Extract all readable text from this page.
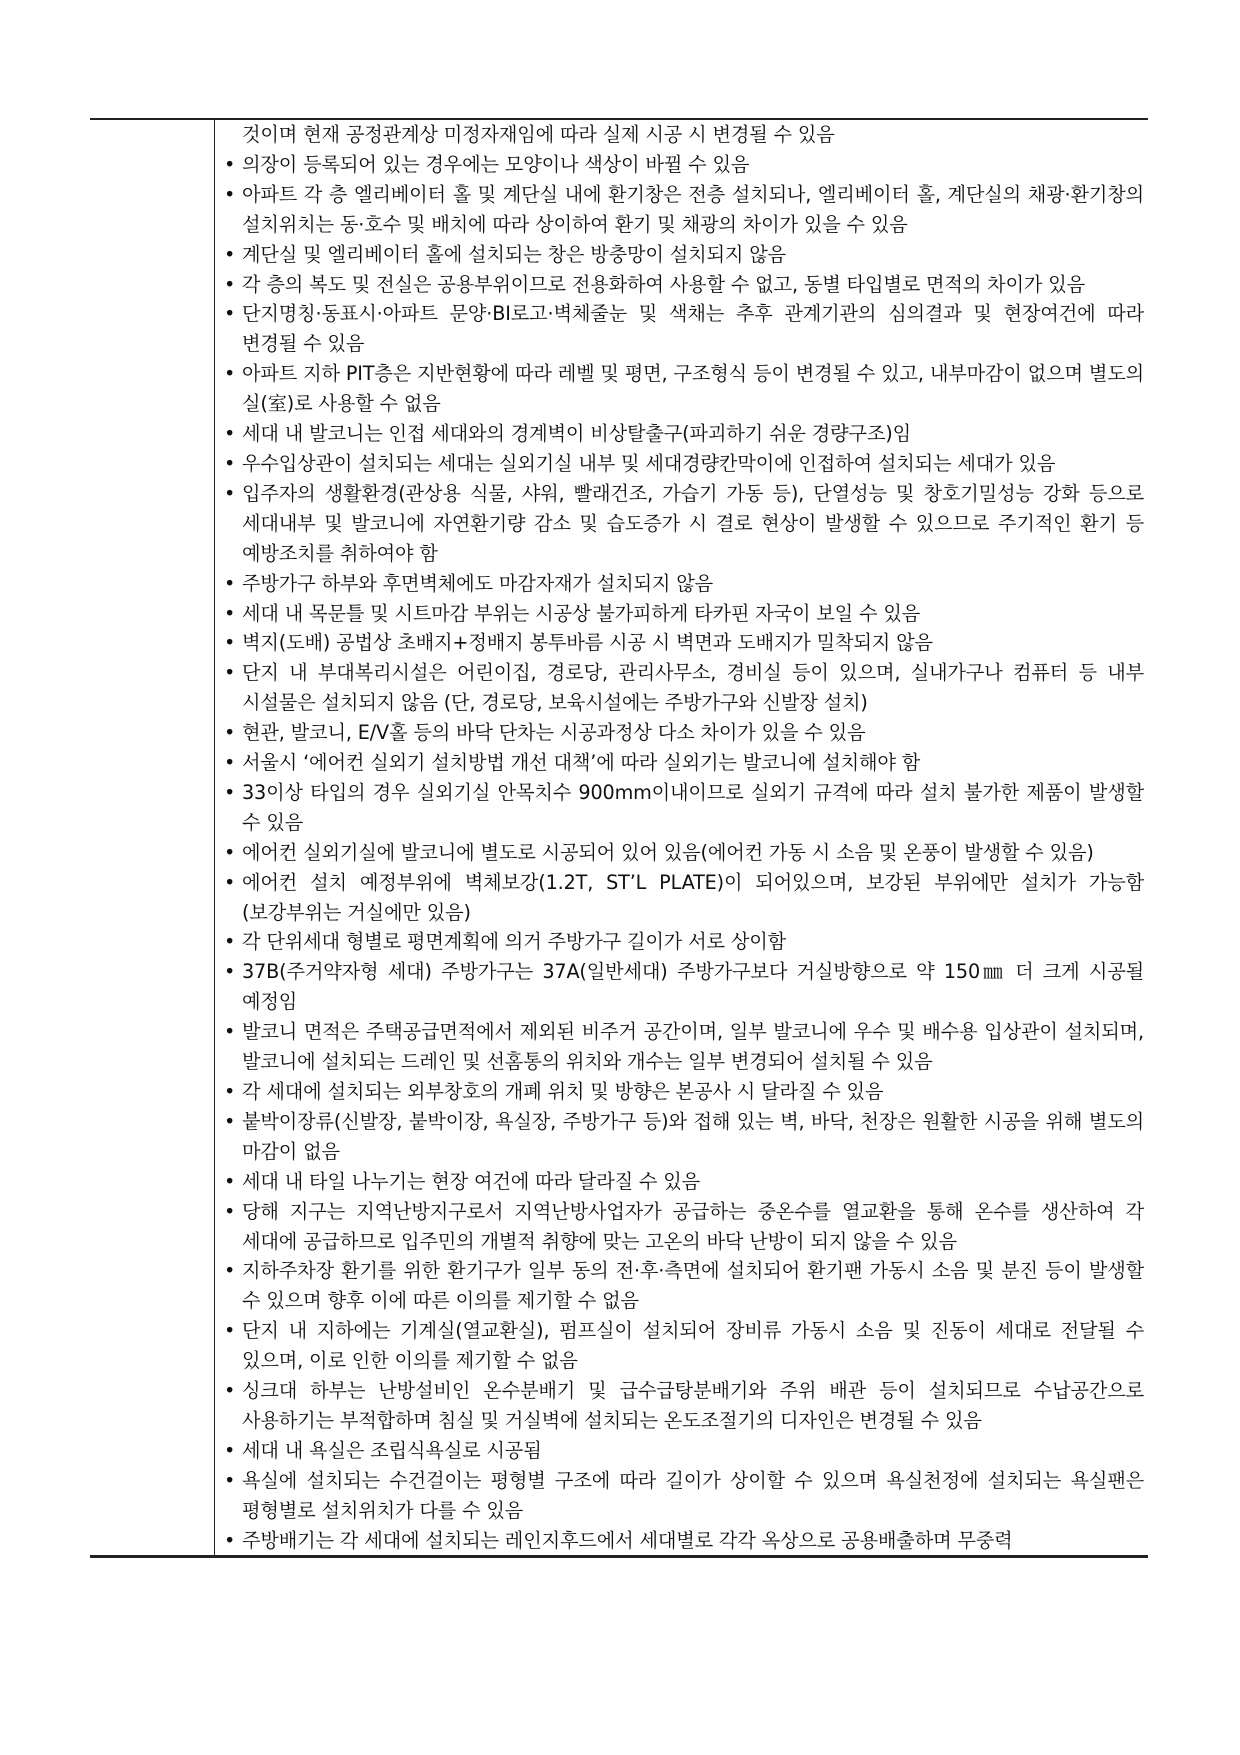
것이며 현재 공정관계상 미정자재임에 따라 실제 시공 시 변경될 수 있음
• 의장이 등록되어 있는 경우에는 모양이나 색상이 바뀔 수 있음
• 아파트 각 층 엘리베이터 홀 및 계단실 내에 환기창은 전층 설치되나, 엘리베이터 홀, 계단실의 채광·환기창의 설치위치는 동·호수 및 배치에 따라 상이하여 환기 및 채광의 차이가 있을 수 있음
• 계단실 및 엘리베이터 홀에 설치되는 창은 방충망이 설치되지 않음
• 각 층의 복도 및 전실은 공용부위이므로 전용화하여 사용할 수 없고, 동별 타입별로 면적의 차이가 있음
• 단지명칭·동표시·아파트 문양·BI로고·벽체줄눈 및 색채는 추후 관계기관의 심의결과 및 현장여건에 따라 변경될 수 있음
• 아파트 지하 PIT층은 지반현황에 따라 레벨 및 평면, 구조형식 등이 변경될 수 있고, 내부마감이 없으며 별도의 실(室)로 사용할 수 없음
• 세대 내 발코니는 인접 세대와의 경계벽이 비상탈출구(파괴하기 쉬운 경량구조)임
• 우수입상관이 설치되는 세대는 실외기실 내부 및 세대경량칸막이에 인접하여 설치되는 세대가 있음
• 입주자의 생활환경(관상용 식물, 샤워, 빨래건조, 가습기 가동 등), 단열성능 및 창호기밀성능 강화 등으로 세대내부 및 발코니에 자연환기량 감소 및 습도증가 시 결로 현상이 발생할 수 있으므로 주기적인 환기 등 예방조치를 취하여야 함
• 주방가구 하부와 후면벽체에도 마감자재가 설치되지 않음
• 세대 내 목문틀 및 시트마감 부위는 시공상 불가피하게 타카핀 자국이 보일 수 있음
• 벽지(도배) 공법상 초배지+정배지 봉투바름 시공 시 벽면과 도배지가 밀착되지 않음
• 단지 내 부대복리시설은 어린이집, 경로당, 관리사무소, 경비실 등이 있으며, 실내가구나 컴퓨터 등 내부 시설물은 설치되지 않음 (단, 경로당, 보육시설에는 주방가구와 신발장 설치)
• 현관, 발코니, E/V홀 등의 바닥 단차는 시공과정상 다소 차이가 있을 수 있음
• 서울시 ‘에어컨 실외기 설치방법 개선 대책’에 따라 실외기는 발코니에 설치해야 함
• 33이상 타입의 경우 실외기실 안목치수 900mm이내이므로 실외기 규격에 따라 설치 불가한 제품이 발생할 수 있음
• 에어컨 실외기실에 발코니에 별도로 시공되어 있어 있음(에어컨 가동 시 소음 및 온풍이 발생할 수 있음)
• 에어컨 설치 예정부위에 벽체보강(1.2T, ST’L PLATE)이 되어있으며, 보강된 부위에만 설치가 가능함 (보강부위는 거실에만 있음)
• 각 단위세대 형별로 평면계획에 의거 주방가구 길이가 서로 상이함
• 37B(주거약자형 세대) 주방가구는 37A(일반세대) 주방가구보다 거실방향으로 약 150㎜ 더 크게 시공될 예정임
• 발코니 면적은 주택공급면적에서 제외된 비주거 공간이며, 일부 발코니에 우수 및 배수용 입상관이 설치되며, 발코니에 설치되는 드레인 및 선홈통의 위치와 개수는 일부 변경되어 설치될 수 있음
• 각 세대에 설치되는 외부창호의 개폐 위치 및 방향은 본공사 시 달라질 수 있음
• 붙박이장류(신발장, 붙박이장, 욕실장, 주방가구 등)와 접해 있는 벽, 바닥, 천장은 원활한 시공을 위해 별도의 마감이 없음
• 세대 내 타일 나누기는 현장 여건에 따라 달라질 수 있음
• 당해 지구는 지역난방지구로서 지역난방사업자가 공급하는 중온수를 열교환을 통해 온수를 생산하여 각 세대에 공급하므로 입주민의 개별적 취향에 맞는 고온의 바닥 난방이 되지 않을 수 있음
• 지하주차장 환기를 위한 환기구가 일부 동의 전·후·측면에 설치되어 환기팬 가동시 소음 및 분진 등이 발생할 수 있으며 향후 이에 따른 이의를 제기할 수 없음
• 단지 내 지하에는 기계실(열교환실), 펌프실이 설치되어 장비류 가동시 소음 및 진동이 세대로 전달될 수 있으며, 이로 인한 이의를 제기할 수 없음
• 싱크대 하부는 난방설비인 온수분배기 및 급수급탕분배기와 주위 배관 등이 설치되므로 수납공간으로 사용하기는 부적합하며 침실 및 거실벽에 설치되는 온도조절기의 디자인은 변경될 수 있음
• 세대 내 욕실은 조립식욕실로 시공됨
• 욕실에 설치되는 수건걸이는 평형별 구조에 따라 길이가 상이할 수 있으며 욕실천정에 설치되는 욕실팬은 평형별로 설치위치가 다를 수 있음
• 주방배기는 각 세대에 설치되는 레인지후드에서 세대별로 각각 옥상으로 공용배출하며 무중력
